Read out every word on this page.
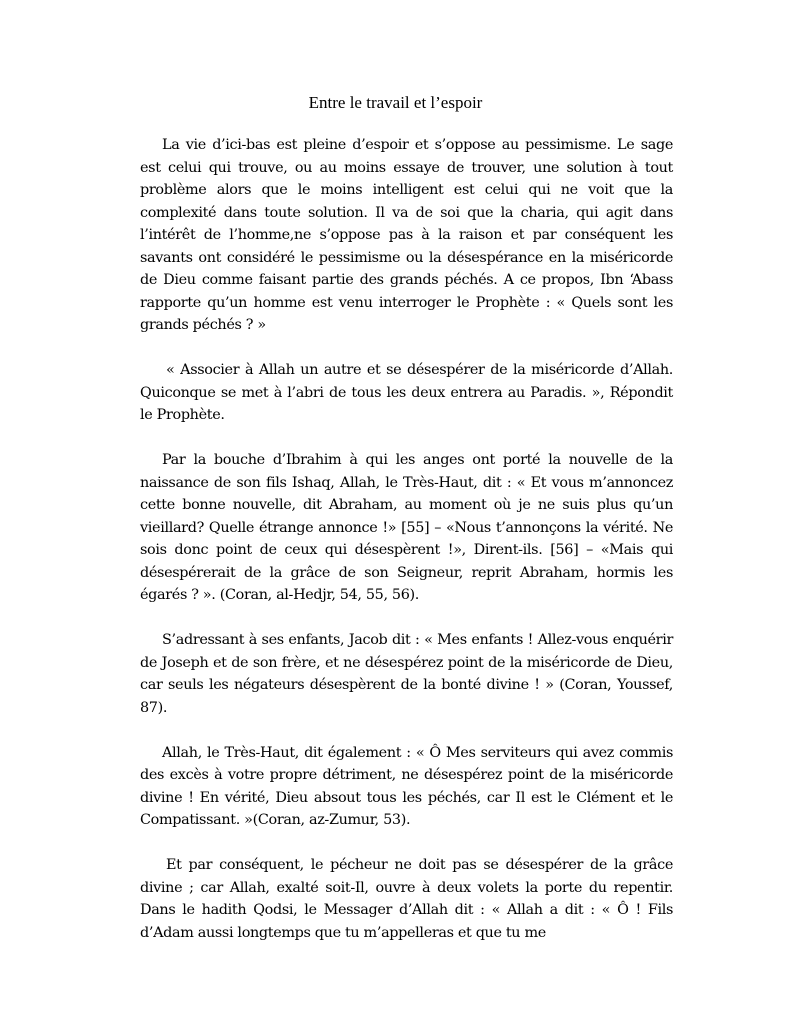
Entre le travail et l’espoir

La vie d’ici-bas est pleine d’espoir et s’oppose au pessimisme. Le sage est celui qui trouve, ou au moins essaye de trouver, une solution à tout problème alors que le moins intelligent est celui qui ne voit que la complexité dans toute solution. Il va de soi que la charia, qui agit dans l’intérêt de l’homme,ne s’oppose pas à la raison et par conséquent les savants ont considéré le pessimisme ou la désespérance en la miséricorde de Dieu comme faisant partie des grands péchés. A ce propos, Ibn ‘Abass rapporte qu’un homme est venu interroger le Prophète : « Quels sont les grands péchés ? »

« Associer à Allah un autre et se désespérer de la miséricorde d’Allah. Quiconque se met à l’abri de tous les deux entrera au Paradis. », Répondit le Prophète.

Par la bouche d’Ibrahim à qui les anges ont porté la nouvelle de la naissance de son fils Ishaq, Allah, le Très-Haut, dit : « Et vous m’annoncez cette bonne nouvelle, dit Abraham, au moment où je ne suis plus qu’un vieillard? Quelle étrange annonce !» [55] – «Nous t’annonçons la vérité. Ne sois donc point de ceux qui désespèrent !», Dirent-ils. [56] – «Mais qui désespérerait de la grâce de son Seigneur, reprit Abraham, hormis les égarés ? ». (Coran, al-Hedjr, 54, 55, 56).

S’adressant à ses enfants, Jacob dit : « Mes enfants ! Allez-vous enquérir de Joseph et de son frère, et ne désespérez point de la miséricorde de Dieu, car seuls les négateurs désespèrent de la bonté divine ! » (Coran, Youssef, 87).

Allah, le Très-Haut, dit également : « Ô Mes serviteurs qui avez commis des excès à votre propre détriment, ne désespérez point de la miséricorde divine ! En vérité, Dieu absout tous les péchés, car Il est le Clément et le Compatissant. »(Coran, az-Zumur, 53).

Et par conséquent, le pécheur ne doit pas se désespérer de la grâce divine ; car Allah, exalté soit-Il, ouvre à deux volets la porte du repentir. Dans le hadith Qodsi, le Messager d’Allah dit : « Allah a dit : « Ô ! Fils d’Adam aussi longtemps que tu m’appelleras et que tu me
